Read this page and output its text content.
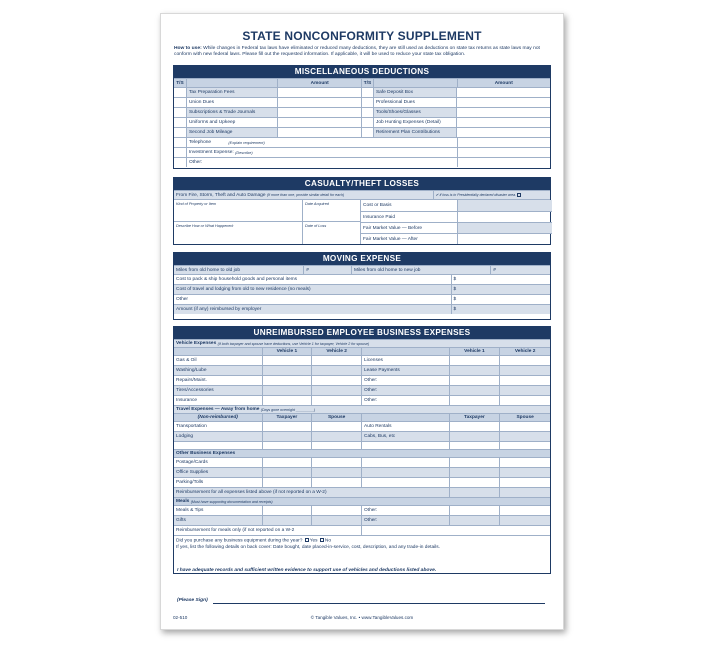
STATE NONCONFORMITY SUPPLEMENT
How to use: While changes in Federal tax laws have eliminated or reduced many deductions, they are still used as deductions on state tax returns as state laws may not conform with new federal laws. Please fill out the requested information. If applicable, it will be used to reduce your state tax obligation.
MISCELLANEOUS DEDUCTIONS
T/S	Amount	T/S	Amount
Tax Preparation Fees	Safe Deposit Box
Union Dues	Professional Dues
Subscriptions & Trade Journals	Tools/Shoes/Glasses
Uniforms and Upkeep	Job Hunting Expenses (Detail)
Second Job Mileage	Retirement Plan Contributions
Telephone
	(Explain requirement)
Investment Expense:
(Describe)
Other:
CASUALTY/THEFT LOSSES
From Fire, Storm, Theft and Auto Damage
(If more than one, provide similar detail for each)	✔ if loss is in Presidentially declared disaster area.
Kind of Property or Item	Date Acquired
Describe How or What Happened:	Date of Loss
Cost or Basis
Insurance Paid
Fair Market Value — Before
Fair Market Value — After
MOVING EXPENSE
Miles from old home to old job	#	Miles from old home to new job	#
Cost to pack & ship household goods and personal items	$
Cost of travel and lodging from old to new residence (no meals)	$
Other	$
Amount (if any) reimbursed by employer	$
UNREIMBURSED EMPLOYEE BUSINESS EXPENSES
Vehicle Expenses
(If both taxpayer and spouse have deductions, use Vehicle 1 for taxpayer, Vehicle 2 for spouse)
Vehicle 1	Vehicle 2	Vehicle 1	Vehicle 2
Gas & Oil	Licenses
Washing/Lube	Lease Payments
Repairs/Maint.	Other:
Tires/Accessories	Other:
Insurance	Other:
Travel Expenses — Away from home
(Days gone overnight _________)
(Non-reimbursed)	Taxpayer	Spouse	Taxpayer	Spouse
Transportation	Auto Rentals
Lodging	Cabs, Bus, etc
Other Business Expenses
Postage/Cards
Office Supplies
Parking/Tolls
Reimbursement for all expenses listed above (if not reported on a W-2)
Meals
(Must have supporting documentation and receipts)
Meals & Tips	Other:
Gifts	Other:
Reimbursement for meals only (if not reported on a W-2
Did you purchase any business equipment during the year? Yes No
If yes, list the following details on back cover: Date bought, date placed-in-service, cost, description, and any trade-in details.
I have adequate records and sufficient written evidence to support use of vehicles and deductions listed above.
(Please Sign)
02-510	© Tangible Values, Inc. • www.TangibleValues.com
